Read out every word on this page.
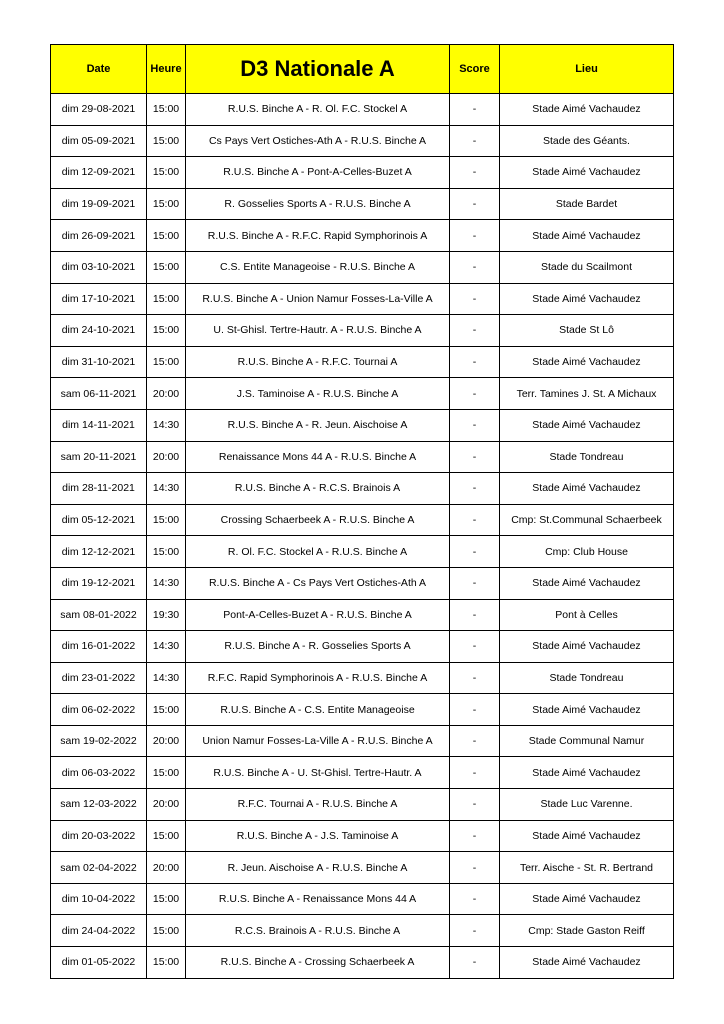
Date	Heure	D3 Nationale A	Score	Lieu
dim 29-08-2021	15:00	R.U.S. Binche A - R. Ol. F.C. Stockel A	-	Stade Aimé Vachaudez
dim 05-09-2021	15:00	Cs Pays Vert Ostiches-Ath A - R.U.S. Binche A	-	Stade des Géants.
dim 12-09-2021	15:00	R.U.S. Binche A - Pont-A-Celles-Buzet A	-	Stade Aimé Vachaudez
dim 19-09-2021	15:00	R. Gosselies Sports A - R.U.S. Binche A	-	Stade Bardet
dim 26-09-2021	15:00	R.U.S. Binche A - R.F.C. Rapid Symphorinois A	-	Stade Aimé Vachaudez
dim 03-10-2021	15:00	C.S. Entite Manageoise - R.U.S. Binche A	-	Stade du Scailmont
dim 17-10-2021	15:00	R.U.S. Binche A - Union Namur Fosses-La-Ville A	-	Stade Aimé Vachaudez
dim 24-10-2021	15:00	U. St-Ghisl. Tertre-Hautr. A - R.U.S. Binche A	-	Stade St Lô
dim 31-10-2021	15:00	R.U.S. Binche A - R.F.C. Tournai A	-	Stade Aimé Vachaudez
sam 06-11-2021	20:00	J.S. Taminoise A - R.U.S. Binche A	-	Terr. Tamines J. St. A Michaux
dim 14-11-2021	14:30	R.U.S. Binche A - R. Jeun. Aischoise A	-	Stade Aimé Vachaudez
sam 20-11-2021	20:00	Renaissance Mons 44 A - R.U.S. Binche A	-	Stade Tondreau
dim 28-11-2021	14:30	R.U.S. Binche A - R.C.S. Brainois A	-	Stade Aimé Vachaudez
dim 05-12-2021	15:00	Crossing Schaerbeek A - R.U.S. Binche A	-	Cmp: St.Communal Schaerbeek
dim 12-12-2021	15:00	R. Ol. F.C. Stockel A - R.U.S. Binche A	-	Cmp: Club House
dim 19-12-2021	14:30	R.U.S. Binche A - Cs Pays Vert Ostiches-Ath A	-	Stade Aimé Vachaudez
sam 08-01-2022	19:30	Pont-A-Celles-Buzet A - R.U.S. Binche A	-	Pont à Celles
dim 16-01-2022	14:30	R.U.S. Binche A - R. Gosselies Sports A	-	Stade Aimé Vachaudez
dim 23-01-2022	14:30	R.F.C. Rapid Symphorinois A - R.U.S. Binche A	-	Stade Tondreau
dim 06-02-2022	15:00	R.U.S. Binche A - C.S. Entite Manageoise	-	Stade Aimé Vachaudez
sam 19-02-2022	20:00	Union Namur Fosses-La-Ville A - R.U.S. Binche A	-	Stade Communal Namur
dim 06-03-2022	15:00	R.U.S. Binche A - U. St-Ghisl. Tertre-Hautr. A	-	Stade Aimé Vachaudez
sam 12-03-2022	20:00	R.F.C. Tournai A - R.U.S. Binche A	-	Stade Luc Varenne.
dim 20-03-2022	15:00	R.U.S. Binche A - J.S. Taminoise A	-	Stade Aimé Vachaudez
sam 02-04-2022	20:00	R. Jeun. Aischoise A - R.U.S. Binche A	-	Terr. Aische - St. R. Bertrand
dim 10-04-2022	15:00	R.U.S. Binche A - Renaissance Mons 44 A	-	Stade Aimé Vachaudez
dim 24-04-2022	15:00	R.C.S. Brainois A - R.U.S. Binche A	-	Cmp: Stade Gaston Reiff
dim 01-05-2022	15:00	R.U.S. Binche A - Crossing Schaerbeek A	-	Stade Aimé Vachaudez
